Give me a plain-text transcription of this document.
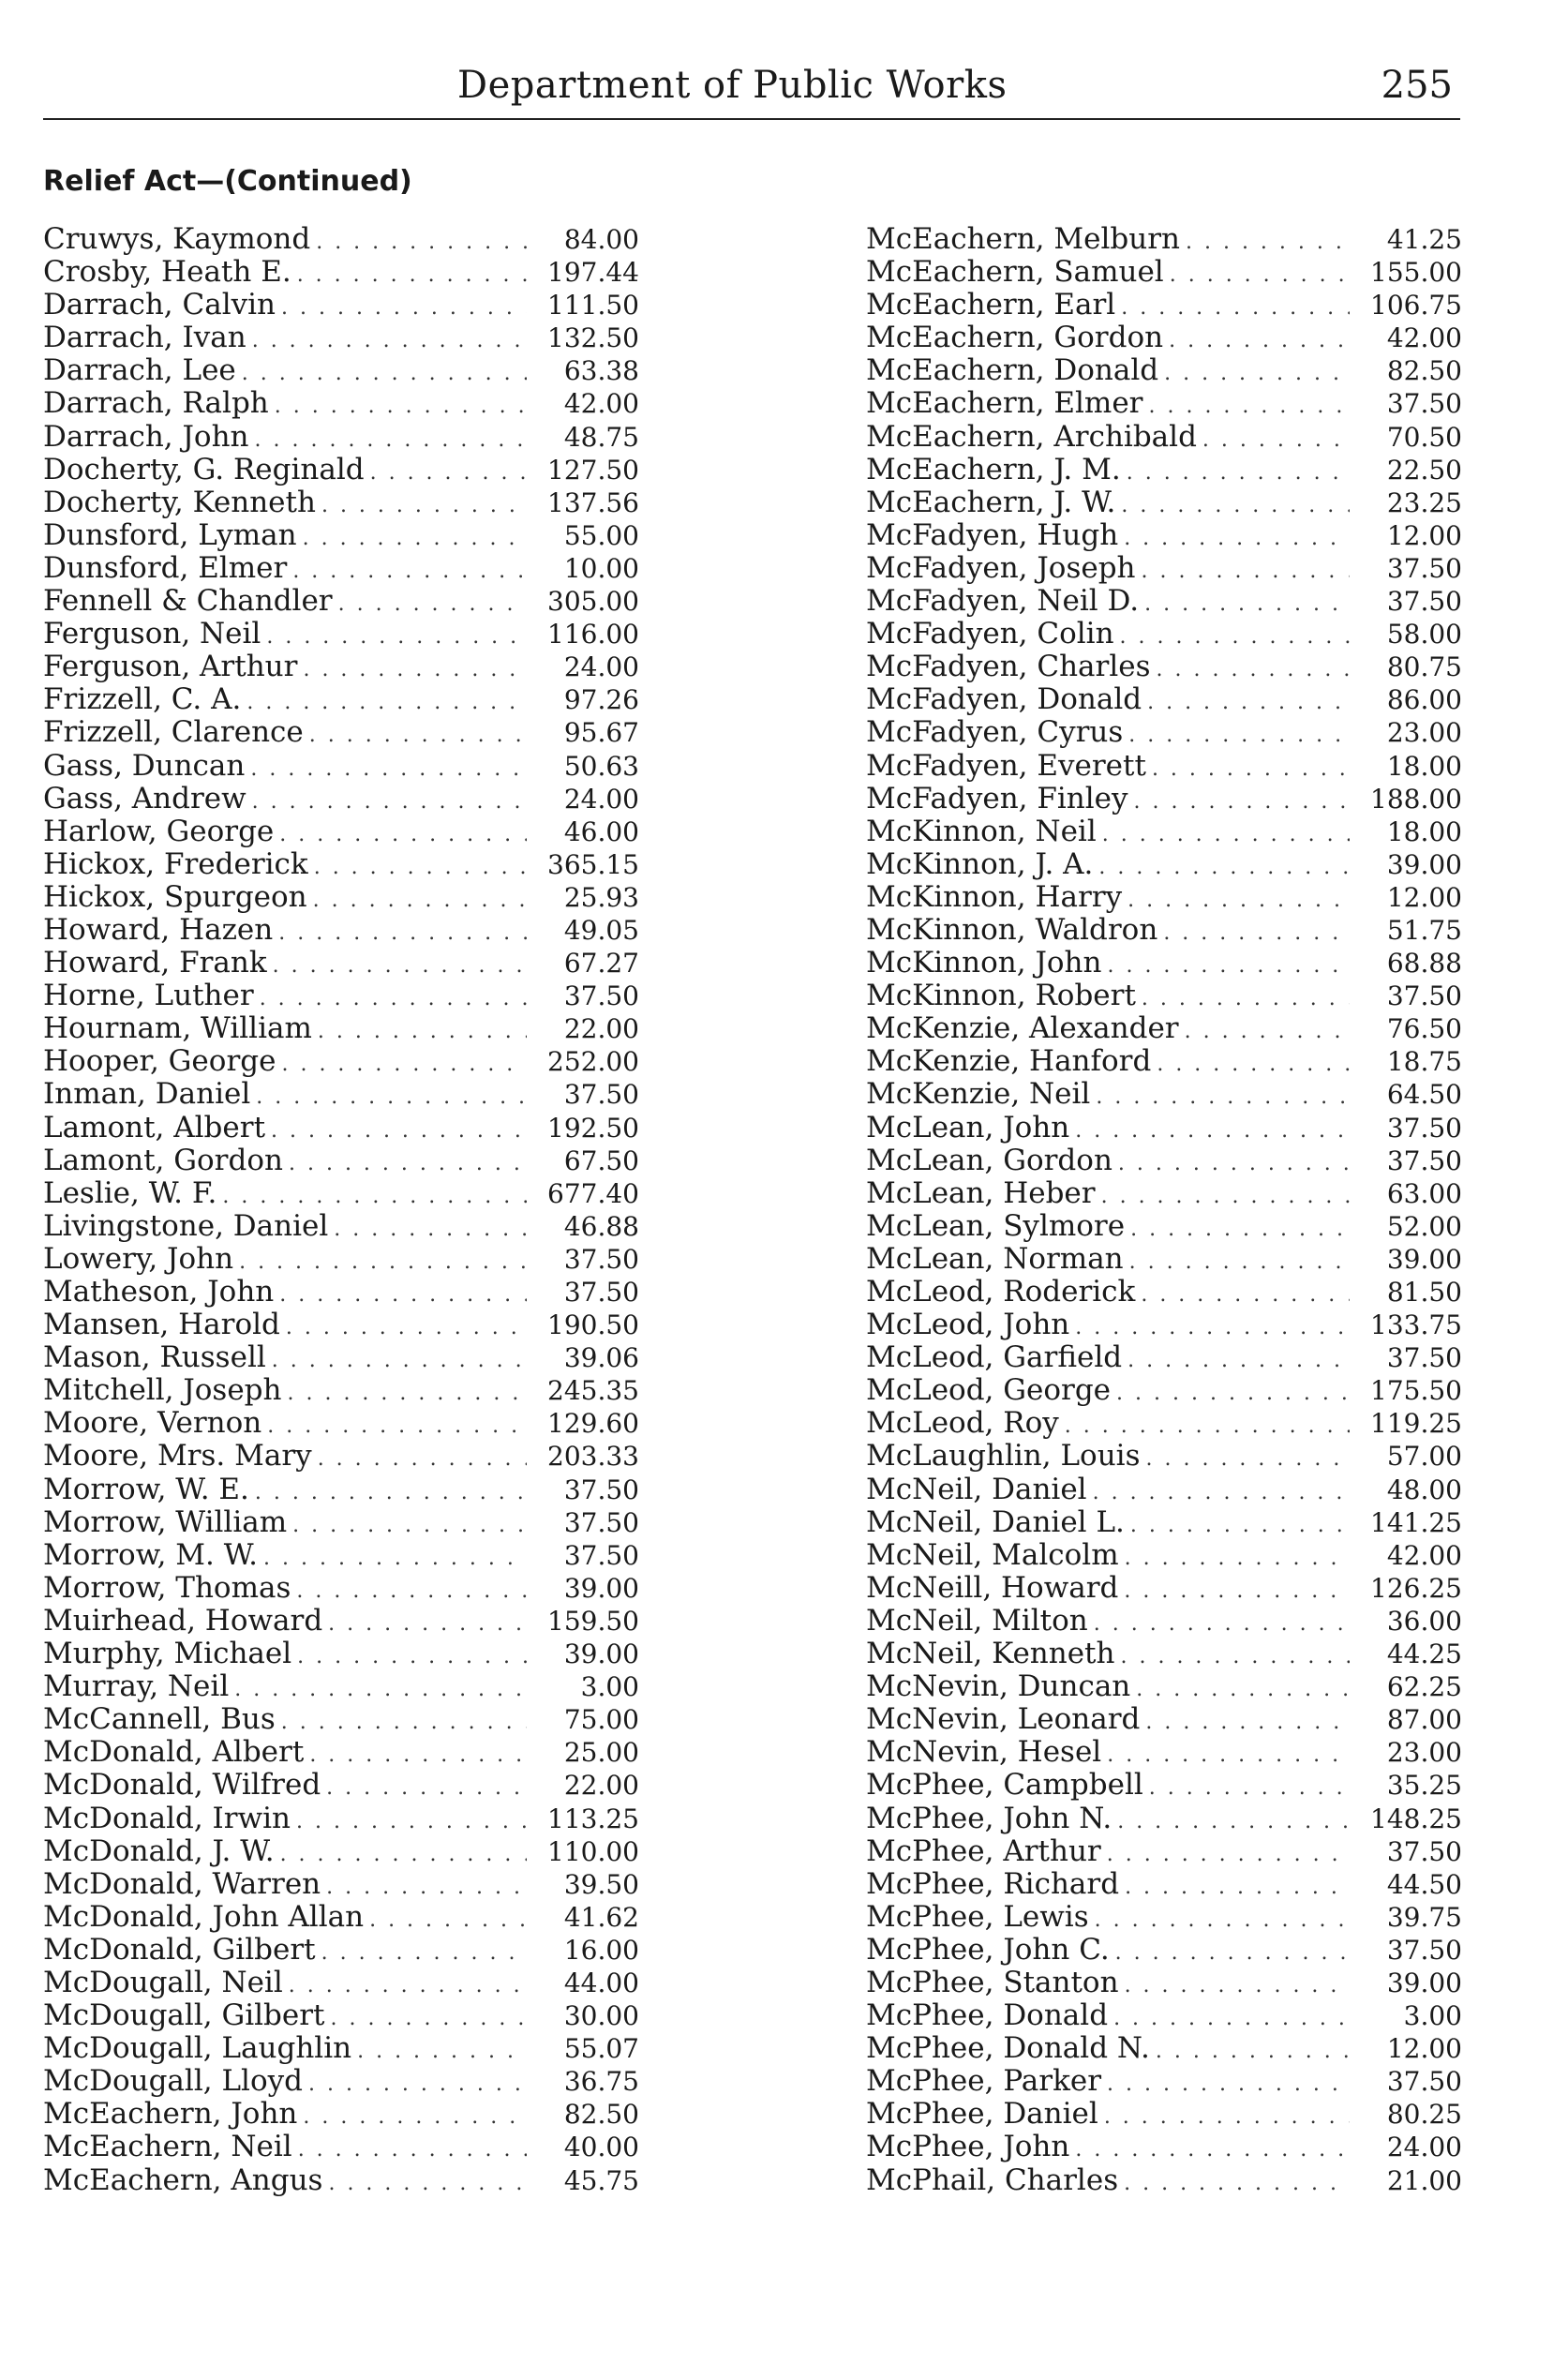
Department of Public Works	255
Relief Act—(Continued)
Cruwys, Kaymond . . .	84.00
Crosby, Heath E. . . .	197.44
Darrach, Calvin . . .	111.50
Darrach, Ivan . . .	132.50
Darrach, Lee . . .	63.38
Darrach, Ralph . . .	42.00
Darrach, John . . .	48.75
Docherty, G. Reginald . . .	127.50
Docherty, Kenneth . . .	137.56
Dunsford, Lyman . . .	55.00
Dunsford, Elmer . . .	10.00
Fennell & Chandler . . .	305.00
Ferguson, Neil . . .	116.00
Ferguson, Arthur . . .	24.00
Frizzell, C. A. . . .	97.26
Frizzell, Clarence . . .	95.67
Gass, Duncan . . .	50.63
Gass, Andrew . . .	24.00
Harlow, George . . .	46.00
Hickox, Frederick . . .	365.15
Hickox, Spurgeon . . .	25.93
Howard, Hazen . . .	49.05
Howard, Frank . . .	67.27
Horne, Luther . . .	37.50
Hournam, William . . .	22.00
Hooper, George . . .	252.00
Inman, Daniel . . .	37.50
Lamont, Albert . . .	192.50
Lamont, Gordon . . .	67.50
Leslie, W. F. . . .	677.40
Livingstone, Daniel . . .	46.88
Lowery, John . . .	37.50
Matheson, John . . .	37.50
Mansen, Harold . . .	190.50
Mason, Russell . . .	39.06
Mitchell, Joseph . . .	245.35
Moore, Vernon . . .	129.60
Moore, Mrs. Mary . . .	203.33
Morrow, W. E. . . .	37.50
Morrow, William . . .	37.50
Morrow, M. W. . . .	37.50
Morrow, Thomas . . .	39.00
Muirhead, Howard . . .	159.50
Murphy, Michael . . .	39.00
Murray, Neil . . .	3.00
McCannell, Bus . . .	75.00
McDonald, Albert . . .	25.00
McDonald, Wilfred . . .	22.00
McDonald, Irwin . . .	113.25
McDonald, J. W. . . .	110.00
McDonald, Warren . . .	39.50
McDonald, John Allan . . .	41.62
McDonald, Gilbert . . .	16.00
McDougall, Neil . . .	44.00
McDougall, Gilbert . . .	30.00
McDougall, Laughlin . . .	55.07
McDougall, Lloyd . . .	36.75
McEachern, John . . .	82.50
McEachern, Neil . . .	40.00
McEachern, Angus . . .	45.75
McEachern, Melburn . . .	41.25
McEachern, Samuel . . .	155.00
McEachern, Earl . . .	106.75
McEachern, Gordon . . .	42.00
McEachern, Donald . . .	82.50
McEachern, Elmer . . .	37.50
McEachern, Archibald . . .	70.50
McEachern, J. M. . . .	22.50
McEachern, J. W. . . .	23.25
McFadyen, Hugh . . .	12.00
McFadyen, Joseph . . .	37.50
McFadyen, Neil D. . . .	37.50
McFadyen, Colin . . .	58.00
McFadyen, Charles . . .	80.75
McFadyen, Donald . . .	86.00
McFadyen, Cyrus . . .	23.00
McFadyen, Everett . . .	18.00
McFadyen, Finley . . .	188.00
McKinnon, Neil . . .	18.00
McKinnon, J. A. . . .	39.00
McKinnon, Harry . . .	12.00
McKinnon, Waldron . . .	51.75
McKinnon, John . . .	68.88
McKinnon, Robert . . .	37.50
McKenzie, Alexander . . .	76.50
McKenzie, Hanford . . .	18.75
McKenzie, Neil . . .	64.50
McLean, John . . .	37.50
McLean, Gordon . . .	37.50
McLean, Heber . . .	63.00
McLean, Sylmore . . .	52.00
McLean, Norman . . .	39.00
McLeod, Roderick . . .	81.50
McLeod, John . . .	133.75
McLeod, Garfield . . .	37.50
McLeod, George . . .	175.50
McLeod, Roy . . .	119.25
McLaughlin, Louis . . .	57.00
McNeil, Daniel . . .	48.00
McNeil, Daniel L. . . .	141.25
McNeil, Malcolm . . .	42.00
McNeill, Howard . . .	126.25
McNeil, Milton . . .	36.00
McNeil, Kenneth . . .	44.25
McNevin, Duncan . . .	62.25
McNevin, Leonard . . .	87.00
McNevin, Hesel . . .	23.00
McPhee, Campbell . . .	35.25
McPhee, John N. . . .	148.25
McPhee, Arthur . . .	37.50
McPhee, Richard . . .	44.50
McPhee, Lewis . . .	39.75
McPhee, John C. . . .	37.50
McPhee, Stanton . . .	39.00
McPhee, Donald . . .	3.00
McPhee, Donald N. . . .	12.00
McPhee, Parker . . .	37.50
McPhee, Daniel . . .	80.25
McPhee, John . . .	24.00
McPhail, Charles . . .	21.00
